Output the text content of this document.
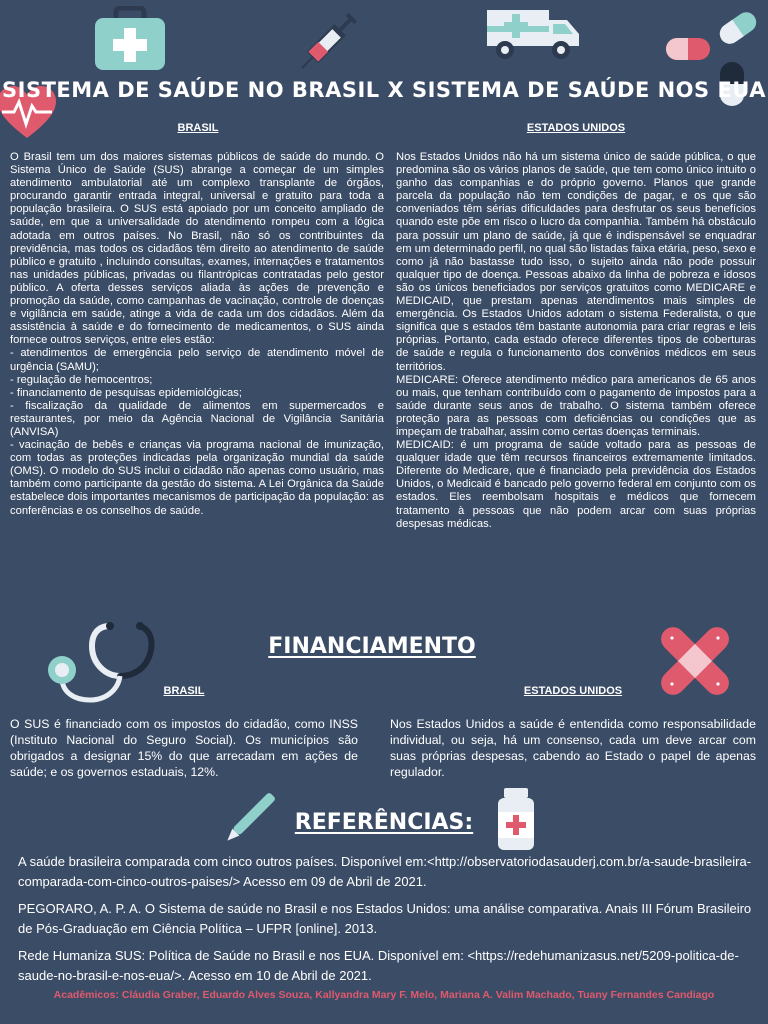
SISTEMA DE SAÚDE NO BRASIL X SISTEMA DE SAÚDE NOS EUA
BRASIL	ESTADOS UNIDOS

O Brasil tem um dos maiores sistemas públicos de saúde do mundo. O Sistema Único de Saúde (SUS) abrange a começar de um simples atendimento ambulatorial até um complexo transplante de órgãos, procurando garantir entrada integral, universal e gratuito para toda a população brasileira. O SUS está apoiado por um conceito ampliado de saúde, em que a universalidade do atendimento rompeu com a lógica adotada em outros países. No Brasil, não só os contribuintes da previdência, mas todos os cidadãos têm direito ao atendimento de saúde público e gratuito , incluindo consultas, exames, internações e tratamentos nas unidades públicas, privadas ou filantrópicas contratadas pelo gestor público. A oferta desses serviços aliada às ações de prevenção e promoção da saúde, como campanhas de vacinação, controle de doenças e vigilância em saúde, atinge a vida de cada um dos cidadãos. Além da assistência à saúde e do fornecimento de medicamentos, o SUS ainda fornece outros serviços, entre eles estão:

- atendimentos de emergência pelo serviço de atendimento móvel de urgência (SAMU);

- regulação de hemocentros;

- financiamento de pesquisas epidemiológicas;

- fiscalização da qualidade de alimentos em supermercados e restaurantes, por meio da Agência Nacional de Vigilância Sanitária (ANVISA)

- vacinação de bebês e crianças via programa nacional de imunização, com todas as proteções indicadas pela organização mundial da saúde (OMS). O modelo do SUS inclui o cidadão não apenas como usuário, mas também como participante da gestão do sistema. A Lei Orgânica da Saúde estabelece dois importantes mecanismos de participação da população: as conferências e os conselhos de saúde.

Nos Estados Unidos não há um sistema único de saúde pública, o que predomina são os vários planos de saúde, que tem como único intuito o ganho das companhias e do próprio governo. Planos que grande parcela da população não tem condições de pagar, e os que são conveniados têm sérias dificuldades para desfrutar os seus benefícios quando este põe em risco o lucro da companhia. Também há obstáculo para possuir um plano de saúde, já que é indispensável se enquadrar em um determinado perfil, no qual são listadas faixa etária, peso, sexo e como já não bastasse tudo isso, o sujeito ainda não pode possuir qualquer tipo de doença. Pessoas abaixo da linha de pobreza e idosos são os únicos beneficiados por serviços gratuitos como MEDICARE e MEDICAID, que prestam apenas atendimentos mais simples de emergência. Os Estados Unidos adotam o sistema Federalista, o que significa que s estados têm bastante autonomia para criar regras e leis próprias. Portanto, cada estado oferece diferentes tipos de coberturas de saúde e regula o funcionamento dos convênios médicos em seus territórios.

MEDICARE: Oferece atendimento médico para americanos de 65 anos ou mais, que tenham contribuído com o pagamento de impostos para a saúde durante seus anos de trabalho. O sistema também oferece proteção para as pessoas com deficiências ou condições que as impeçam de trabalhar, assim como certas doenças terminais.

MEDICAID: é um programa de saúde voltado para as pessoas de qualquer idade que têm recursos financeiros extremamente limitados. Diferente do Medicare, que é financiado pela previdência dos Estados Unidos, o Medicaid é bancado pelo governo federal em conjunto com os estados. Eles reembolsam hospitais e médicos que fornecem tratamento à pessoas que não podem arcar com suas próprias despesas médicas.

FINANCIAMENTO
BRASIL	ESTADOS UNIDOS
O SUS é financiado com os impostos do cidadão, como INSS (Instituto Nacional do Seguro Social). Os municípios são obrigados a designar 15% do que arrecadam em ações de saúde; e os governos estaduais, 12%.
Nos Estados Unidos a saúde é entendida como responsabilidade individual, ou seja, há um consenso, cada um deve arcar com suas próprias despesas, cabendo ao Estado o papel de apenas regulador.
REFERÊNCIAS:

A saúde brasileira comparada com cinco outros países. Disponível em:<http://observatoriodasauderj.com.br/a-saude-brasileira-comparada-com-cinco-outros-paises/> Acesso em 09 de Abril de 2021.

PEGORARO, A. P. A. O Sistema de saúde no Brasil e nos Estados Unidos: uma análise comparativa. Anais III Fórum Brasileiro de Pós-Graduação em Ciência Política – UFPR [online]. 2013.

Rede Humaniza SUS: Política de Saúde no Brasil e nos EUA. Disponível em: <https://redehumanizasus.net/5209-politica-de-saude-no-brasil-e-nos-eua/>. Acesso em 10 de Abril de 2021.

Acadêmicos: Cláudia Graber, Eduardo Alves Souza, Kallyandra Mary F. Melo, Mariana A. Valim Machado, Tuany Fernandes Candiago
